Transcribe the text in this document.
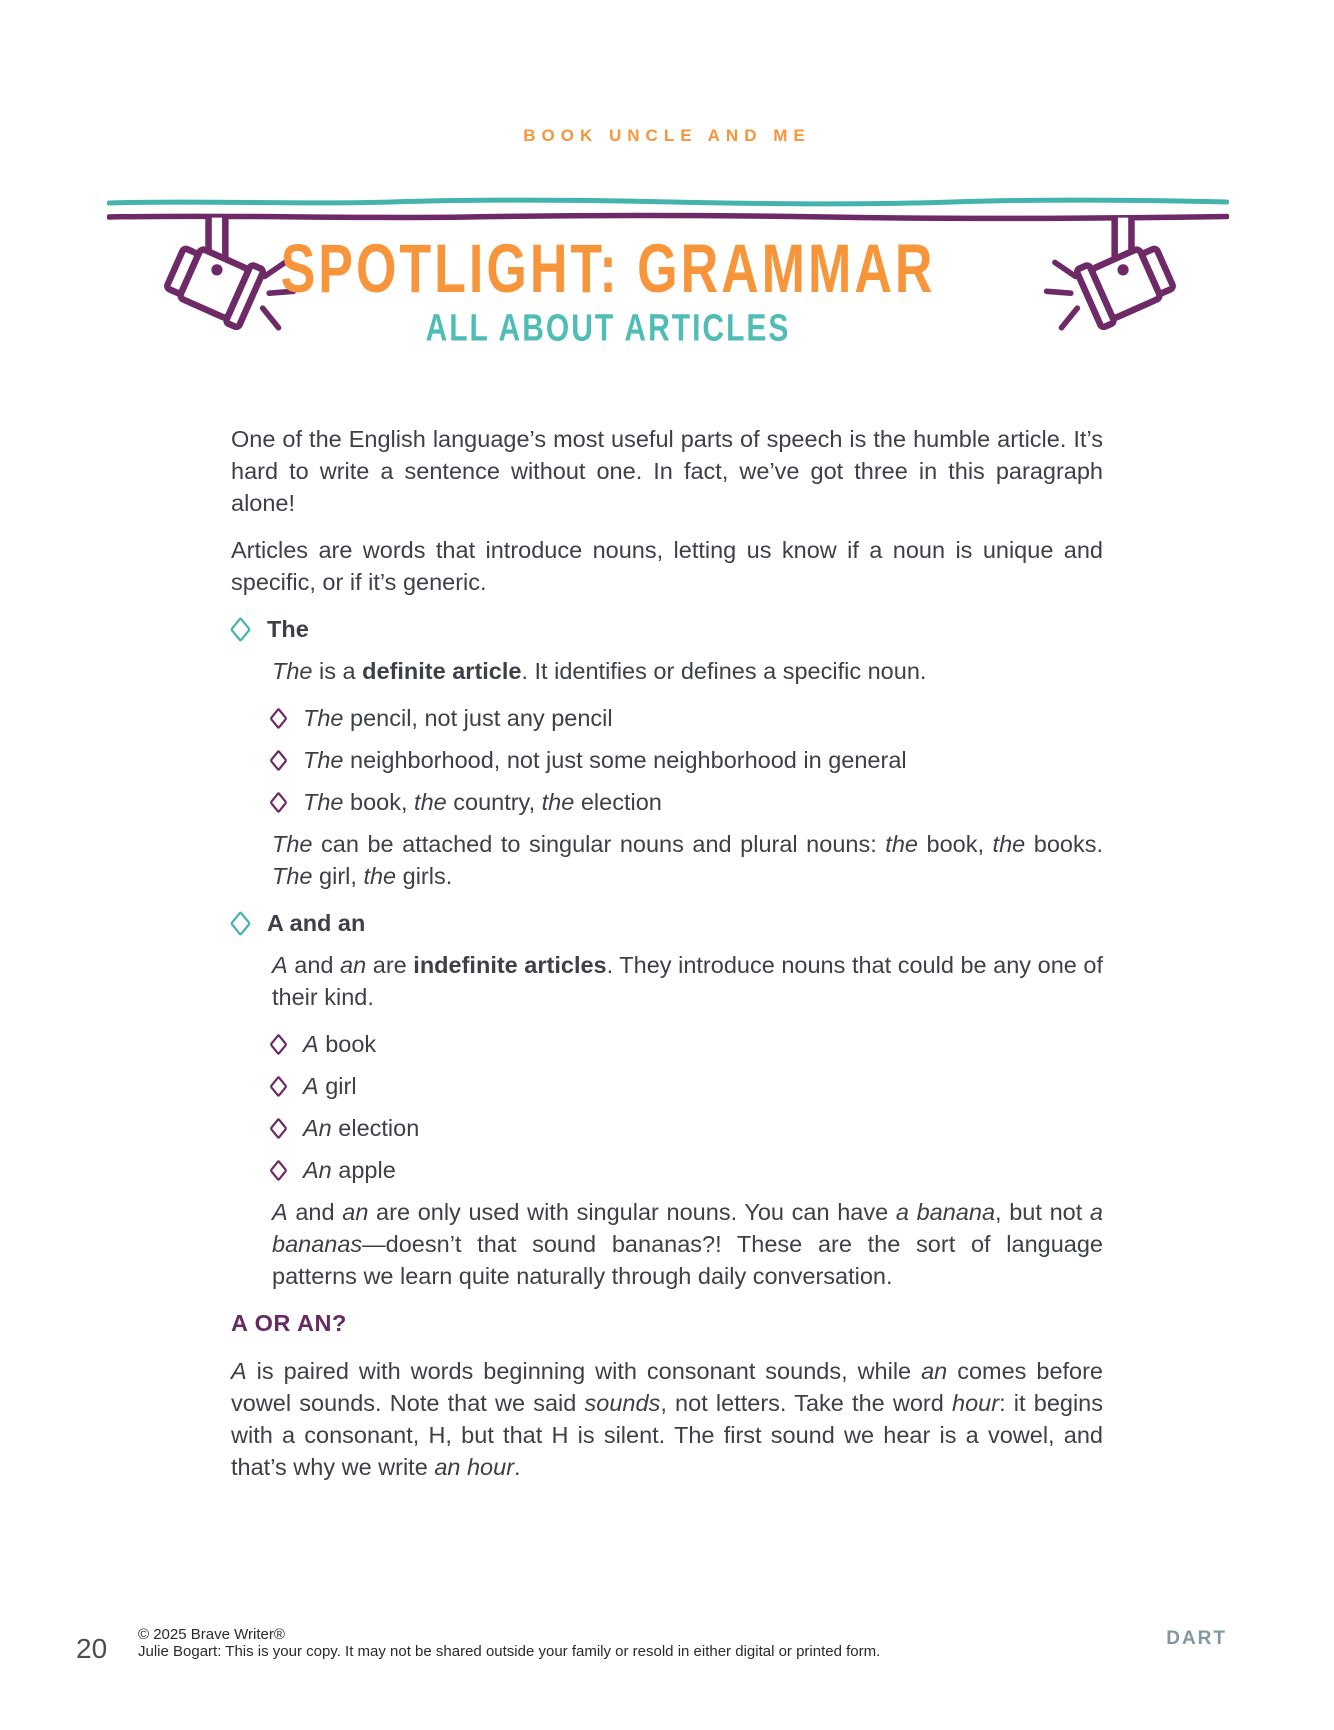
BOOK UNCLE AND ME
SPOTLIGHT: GRAMMAR
ALL ABOUT ARTICLES

One of the English language’s most useful parts of speech is the humble article. It’s hard to write a sentence without one. In fact, we’ve got three in this paragraph alone!

Articles are words that introduce nouns, letting us know if a noun is unique and specific, or if it’s generic.

The

The is a definite article. It identifies or defines a specific noun.

The pencil, not just any pencil
The neighborhood, not just some neighborhood in general
The book, the country, the election

The can be attached to singular nouns and plural nouns: the book, the books. The girl, the girls.

A and an

A and an are indefinite articles. They introduce nouns that could be any one of their kind.

A book
A girl
An election
An apple

A and an are only used with singular nouns. You can have a banana, but not a bananas—doesn’t that sound bananas?! These are the sort of language patterns we learn quite naturally through daily conversation.

A OR AN?

A is paired with words beginning with consonant sounds, while an comes before vowel sounds. Note that we said sounds, not letters. Take the word hour: it begins with a consonant, H, but that H is silent. The first sound we hear is a vowel, and that’s why we write an hour.

20 © 2025 Brave Writer®
Julie Bogart: This is your copy. It may not be shared outside your family or resold in either digital or printed form.
DART
